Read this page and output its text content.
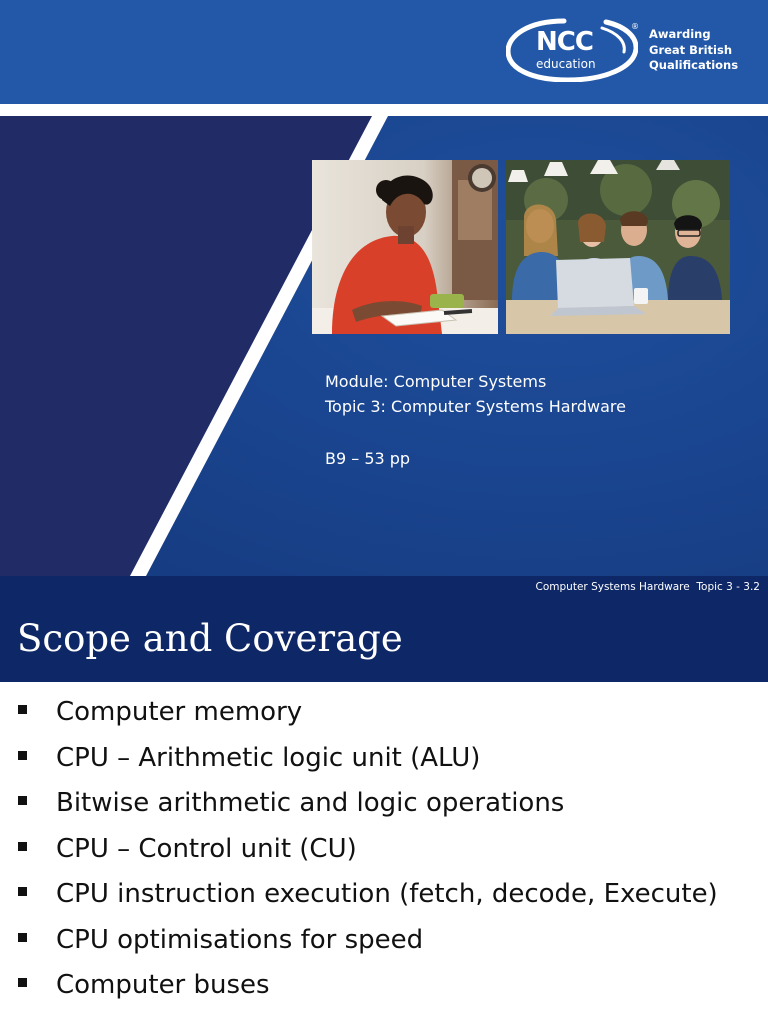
NCC
education
®
Awarding
Great British
Qualifications
Module: Computer Systems
Topic 3: Computer Systems Hardware
B9 – 53 pp
Computer Systems Hardware  Topic 3 - 3.2
Scope and Coverage
Computer memory
CPU – Arithmetic logic unit (ALU)
Bitwise arithmetic and logic operations
CPU – Control unit (CU)
CPU instruction execution (fetch, decode, Execute)
CPU optimisations for speed
Computer buses
